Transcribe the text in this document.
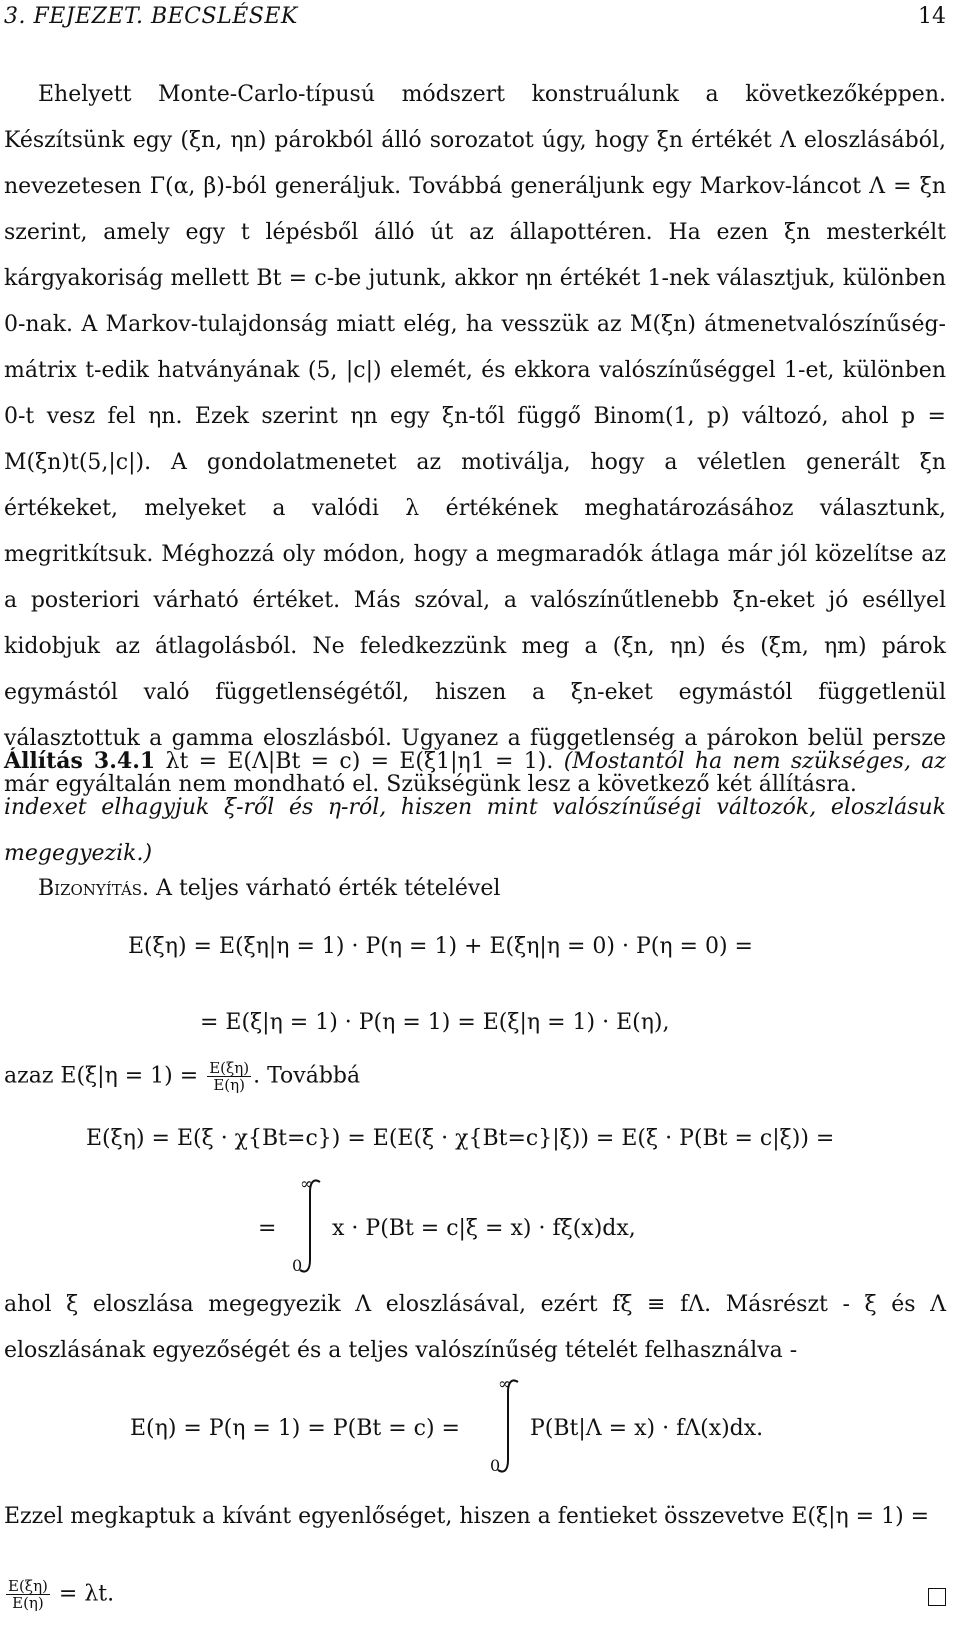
3. FEJEZET. BECSLÉSEK	14

Ehelyett Monte-Carlo-típusú módszert konstruálunk a következőképpen. Készítsünk egy (ξn, ηn) párokból álló sorozatot úgy, hogy ξn értékét Λ eloszlásából, nevezetesen Γ(α, β)-ból generáljuk. Továbbá generáljunk egy Markov-láncot Λ = ξn szerint, amely egy t lépésből álló út az állapottéren. Ha ezen ξn mesterkélt kárgyakoriság mellett Bt = c-be jutunk, akkor ηn értékét 1-nek választjuk, különben 0-nak. A Markov-tulajdonság miatt elég, ha vesszük az M(ξn) átmenetvalószínűség-mátrix t-edik hatványának (5, |c|) elemét, és ekkora valószínűséggel 1-et, különben 0-t vesz fel ηn. Ezek szerint ηn egy ξn-től függő Binom(1, p) változó, ahol p = M(ξn)t(5,|c|). A gondolatmenetet az motiválja, hogy a véletlen generált ξn értékeket, melyeket a valódi λ értékének meghatározásához választunk, megritkítsuk. Méghozzá oly módon, hogy a megmaradók átlaga már jól közelítse az a posteriori várható értéket. Más szóval, a valószínűtlenebb ξn-eket jó eséllyel kidobjuk az átlagolásból. Ne feledkezzünk meg a (ξn, ηn) és (ξm, ηm) párok egymástól való függetlenségétől, hiszen a ξn-eket egymástól függetlenül választottuk a gamma eloszlásból. Ugyanez a függetlenség a párokon belül persze már egyáltalán nem mondható el. Szükségünk lesz a következő két állításra.

Állítás 3.4.1 λt = E(Λ|Bt = c) = E(ξ1|η1 = 1). (Mostantól ha nem szükséges, az indexet elhagyjuk ξ-ről és η-ról, hiszen mint valószínűségi változók, eloszlásuk megegyezik.)

Bizonyítás. A teljes várható érték tételével

E(ξη) = E(ξη|η = 1) · P(η = 1) + E(ξη|η = 0) · P(η = 0) =
= E(ξ|η = 1) · P(η = 1) = E(ξ|η = 1) · E(η),
azaz $E(\xi|\eta = 1) = \frac{E(\xi\eta)}{E(\eta)}$ . Továbbá
E(ξη) = E(ξ · χ{Bt=c}) = E(E(ξ · χ{Bt=c}|ξ)) = E(ξ · P(Bt = c|ξ)) =
=
∞
0
x · P(Bt = c|ξ = x) · fξ(x)dx,

ahol ξ eloszlása megegyezik Λ eloszlásával, ezért fξ ≡ fΛ. Másrészt - ξ és Λ eloszlásának egyezőségét és a teljes valószínűség tételét felhasználva -

E(η) = P(η = 1) = P(Bt = c) =
∞
0
P(Bt|Λ = x) · fΛ(x)dx.

Ezzel megkaptuk a kívánt egyenlőséget, hiszen a fentieket összevetve E(ξ|η = 1) =

$\frac{E(\xi\eta)}{E(\eta)} = \lambda t$.
